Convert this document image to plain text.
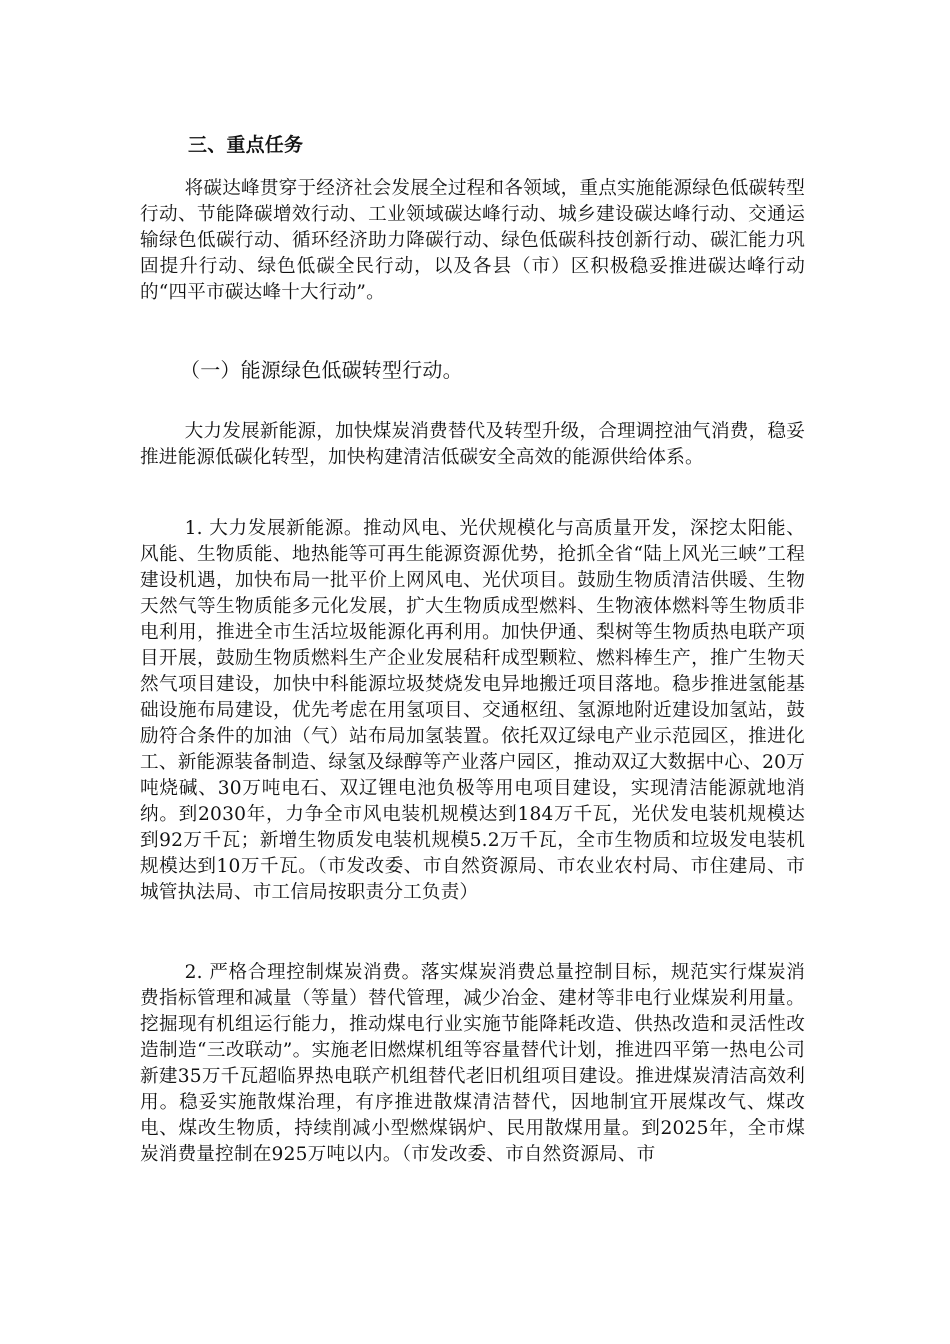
三、重点任务

将碳达峰贯穿于经济社会发展全过程和各领域，重点实施能源绿色低碳转型行动、节能降碳增效行动、工业领域碳达峰行动、城乡建设碳达峰行动、交通运输绿色低碳行动、循环经济助力降碳行动、绿色低碳科技创新行动、碳汇能力巩固提升行动、绿色低碳全民行动，以及各县（市）区积极稳妥推进碳达峰行动的“四平市碳达峰十大行动”。

（一）能源绿色低碳转型行动。

大力发展新能源，加快煤炭消费替代及转型升级，合理调控油气消费，稳妥推进能源低碳化转型，加快构建清洁低碳安全高效的能源供给体系。

1. 大力发展新能源。推动风电、光伏规模化与高质量开发，深挖太阳能、风能、生物质能、地热能等可再生能源资源优势，抢抓全省“陆上风光三峡”工程建设机遇，加快布局一批平价上网风电、光伏项目。鼓励生物质清洁供暖、生物天然气等生物质能多元化发展，扩大生物质成型燃料、生物液体燃料等生物质非电利用，推进全市生活垃圾能源化再利用。加快伊通、梨树等生物质热电联产项目开展，鼓励生物质燃料生产企业发展秸秆成型颗粒、燃料棒生产，推广生物天然气项目建设，加快中科能源垃圾焚烧发电异地搬迁项目落地。稳步推进氢能基础设施布局建设，优先考虑在用氢项目、交通枢纽、氢源地附近建设加氢站，鼓励符合条件的加油（气）站布局加氢装置。依托双辽绿电产业示范园区，推进化工、新能源装备制造、绿氢及绿醇等产业落户园区，推动双辽大数据中心、20万吨烧碱、30万吨电石、双辽锂电池负极等用电项目建设，实现清洁能源就地消纳。到2030年，力争全市风电装机规模达到184万千瓦，光伏发电装机规模达到92万千瓦；新增生物质发电装机规模5.2万千瓦，全市生物质和垃圾发电装机规模达到10万千瓦。（市发改委、市自然资源局、市农业农村局、市住建局、市城管执法局、市工信局按职责分工负责）

2. 严格合理控制煤炭消费。落实煤炭消费总量控制目标，规范实行煤炭消费指标管理和减量（等量）替代管理，减少冶金、建材等非电行业煤炭利用量。挖掘现有机组运行能力，推动煤电行业实施节能降耗改造、供热改造和灵活性改造制造“三改联动”。实施老旧燃煤机组等容量替代计划，推进四平第一热电公司新建35万千瓦超临界热电联产机组替代老旧机组项目建设。推进煤炭清洁高效利用。稳妥实施散煤治理，有序推进散煤清洁替代，因地制宜开展煤改气、煤改电、煤改生物质，持续削减小型燃煤锅炉、民用散煤用量。到2025年，全市煤炭消费量控制在925万吨以内。（市发改委、市自然资源局、市
